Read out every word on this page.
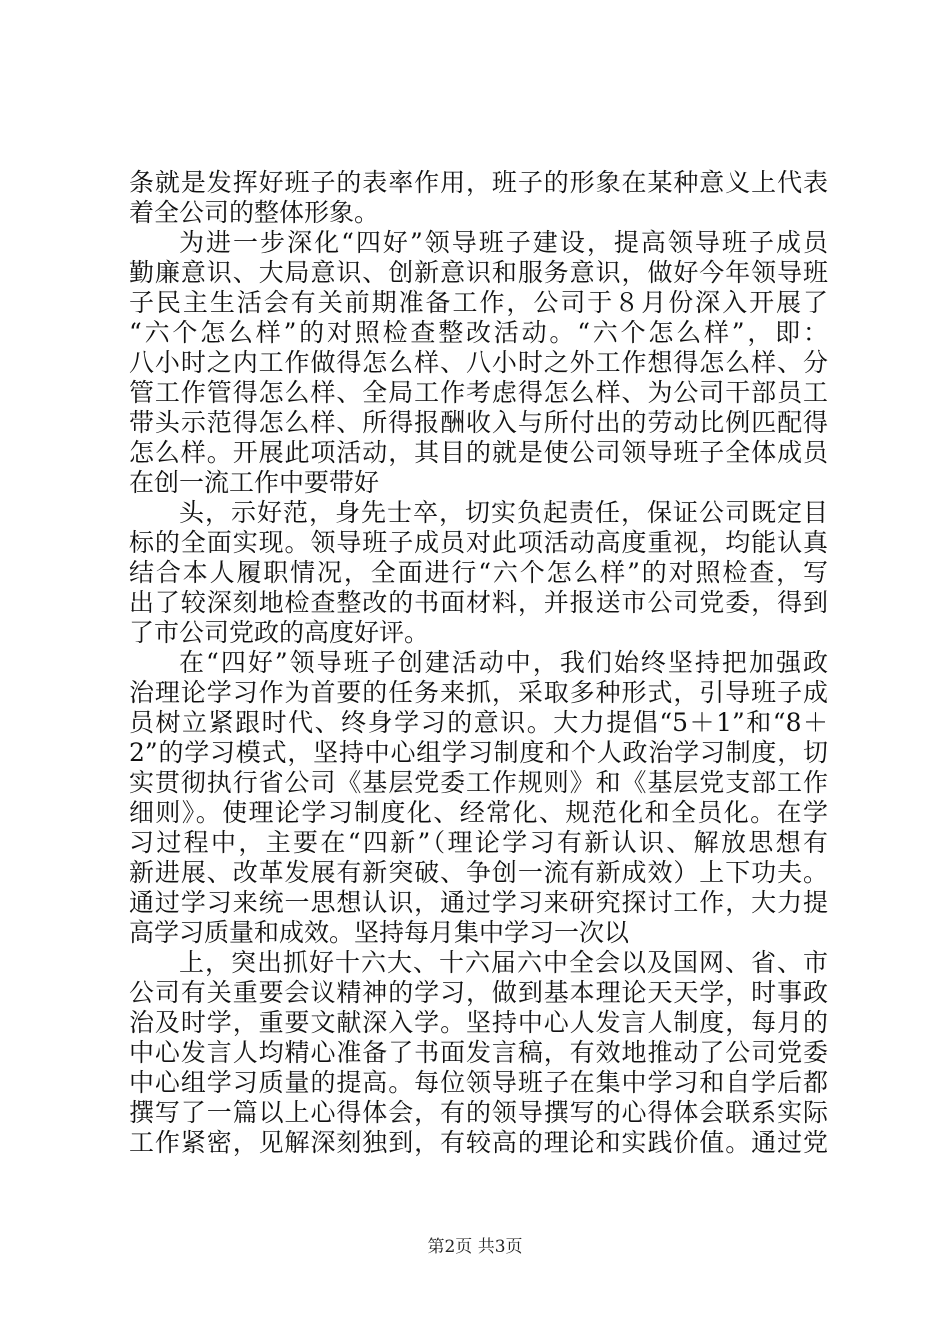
条就是发挥好班子的表率作用，班子的形象在某种意义上代表
着全公司的整体形象。
为进一步深化“四好”领导班子建设，提高领导班子成员
勤廉意识、大局意识、创新意识和服务意识，做好今年领导班
子民主生活会有关前期准备工作，公司于８月份深入开展了
“六个怎么样”的对照检查整改活动。“六个怎么样”，即：
八小时之内工作做得怎么样、八小时之外工作想得怎么样、分
管工作管得怎么样、全局工作考虑得怎么样、为公司干部员工
带头示范得怎么样、所得报酬收入与所付出的劳动比例匹配得
怎么样。开展此项活动，其目的就是使公司领导班子全体成员
在创一流工作中要带好
头，示好范，身先士卒，切实负起责任，保证公司既定目
标的全面实现。领导班子成员对此项活动高度重视，均能认真
结合本人履职情况，全面进行“六个怎么样”的对照检查，写
出了较深刻地检查整改的书面材料，并报送市公司党委，得到
了市公司党政的高度好评。
在“四好”领导班子创建活动中，我们始终坚持把加强政
治理论学习作为首要的任务来抓，采取多种形式，引导班子成
员树立紧跟时代、终身学习的意识。大力提倡“5＋1”和“8＋
2”的学习模式，坚持中心组学习制度和个人政治学习制度，切
实贯彻执行省公司《基层党委工作规则》和《基层党支部工作
细则》。使理论学习制度化、经常化、规范化和全员化。在学
习过程中，主要在“四新”（理论学习有新认识、解放思想有
新进展、改革发展有新突破、争创一流有新成效）上下功夫。
通过学习来统一思想认识，通过学习来研究探讨工作，大力提
高学习质量和成效。坚持每月集中学习一次以
上，突出抓好十六大、十六届六中全会以及国网、省、市
公司有关重要会议精神的学习，做到基本理论天天学，时事政
治及时学，重要文献深入学。坚持中心人发言人制度，每月的
中心发言人均精心准备了书面发言稿，有效地推动了公司党委
中心组学习质量的提高。每位领导班子在集中学习和自学后都
撰写了一篇以上心得体会，有的领导撰写的心得体会联系实际
工作紧密，见解深刻独到，有较高的理论和实践价值。通过党
第2页 共3页
